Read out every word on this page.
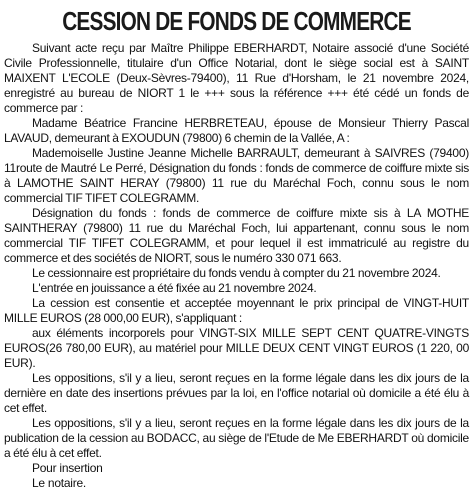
CESSION DE FONDS DE COMMERCE

Suivant acte reçu par Maître Philippe EBERHARDT, Notaire associé d'une Société Civile Professionnelle, titulaire d'un Office Notarial, dont le siège social est à SAINT MAIXENT L'ECOLE (Deux-Sèvres-79400), 11 Rue d'Horsham, le 21 novembre 2024, enregistré au bureau de NIORT 1 le +++ sous la référence +++ été cédé un fonds de commerce par :

Madame Béatrice Francine HERBRETEAU, épouse de Monsieur Thierry Pascal LAVAUD, demeurant à EXOUDUN (79800) 6 chemin de la Vallée, A :

Mademoiselle Justine Jeanne Michelle BARRAULT, demeurant à SAIVRES (79400) 11route de Mautré Le Perré, Désignation du fonds : fonds de commerce de coiffure mixte sis à LAMOTHE SAINT HERAY (79800) 11 rue du Maréchal Foch, connu sous le nom commercial TIF TIFET COLEGRAMM.

Désignation du fonds : fonds de commerce de coiffure mixte sis à LA MOTHE SAINTHERAY (79800) 11 rue du Maréchal Foch, lui appartenant, connu sous le nom commercial TIF TIFET COLEGRAMM, et pour lequel il est immatriculé au registre du commerce et des sociétés de NIORT, sous le numéro 330 071 663.

Le cessionnaire est propriétaire du fonds vendu à compter du 21 novembre 2024.

L'entrée en jouissance a été fixée au 21 novembre 2024.

La cession est consentie et acceptée moyennant le prix principal de VINGT-HUIT MILLE EUROS (28 000,00 EUR), s'appliquant :

aux éléments incorporels pour VINGT-SIX MILLE SEPT CENT QUATRE-VINGTS EUROS(26 780,00 EUR), au matériel pour MILLE DEUX CENT VINGT EUROS (1 220, 00 EUR).

Les oppositions, s'il y a lieu, seront reçues en la forme légale dans les dix jours de la dernière en date des insertions prévues par la loi, en l'office notarial où domicile a été élu à cet effet.

Les oppositions, s'il y a lieu, seront reçues en la forme légale dans les dix jours de la publication de la cession au BODACC, au siège de l'Etude de Me EBERHARDT où domicile a été élu à cet effet.

Pour insertion

Le notaire.
